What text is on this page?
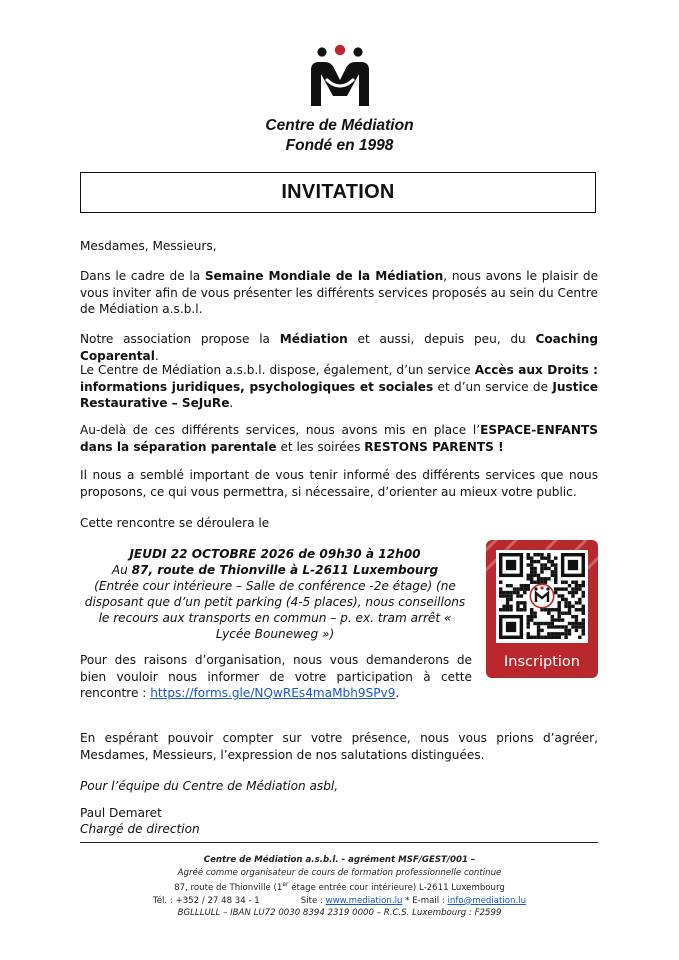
Centre de Médiation
Fondé en 1998
INVITATION
Mesdames, Messieurs,
Dans le cadre de la Semaine Mondiale de la Médiation, nous avons le plaisir de vous inviter afin de vous présenter les différents services proposés au sein du Centre de Médiation a.s.b.l.
Notre association propose la Médiation et aussi, depuis peu, du Coaching Coparental.
Le Centre de Médiation a.s.b.l. dispose, également, d’un service Accès aux Droits : informations juridiques, psychologiques et sociales et d’un service de Justice Restaurative – SeJuRe.
Au-delà de ces différents services, nous avons mis en place l’ESPACE-ENFANTS dans la séparation parentale et les soirées RESTONS PARENTS !
Il nous a semblé important de vous tenir informé des différents services que nous proposons, ce qui vous permettra, si nécessaire, d’orienter au mieux votre public.
Cette rencontre se déroulera le
JEUDI 22 OCTOBRE 2026 de 09h30 à 12h00
Au 87, route de Thionville à L-2611 Luxembourg
(Entrée cour intérieure – Salle de conférence -2e étage) (ne disposant que d’un petit parking (4-5 places), nous conseillons le recours aux transports en commun – p. ex. tram arrêt « Lycée Bouneweg »)
Pour des raisons d’organisation, nous vous demanderons de bien vouloir nous informer de votre participation à cette rencontre : https://forms.gle/NQwREs4maMbh9SPv9.
Inscription
En espérant pouvoir compter sur votre présence, nous vous prions d’agréer, Mesdames, Messieurs, l’expression de nos salutations distinguées.
Pour l’équipe du Centre de Médiation asbl,
Paul Demaret
Chargé de direction
Centre de Médiation a.s.b.l. - agrément MSF/GEST/001 –
Agréé comme organisateur de cours de formation professionnelle continue
87, route de Thionville (1er étage entrée cour intérieure) L-2611 Luxembourg
Tél. : +352 / 27 48 34 - 1	Site : www.mediation.lu * E-mail : info@mediation.lu
BGLLLULL – IBAN LU72 0030 8394 2319 0000 – R.C.S. Luxembourg : F2599
